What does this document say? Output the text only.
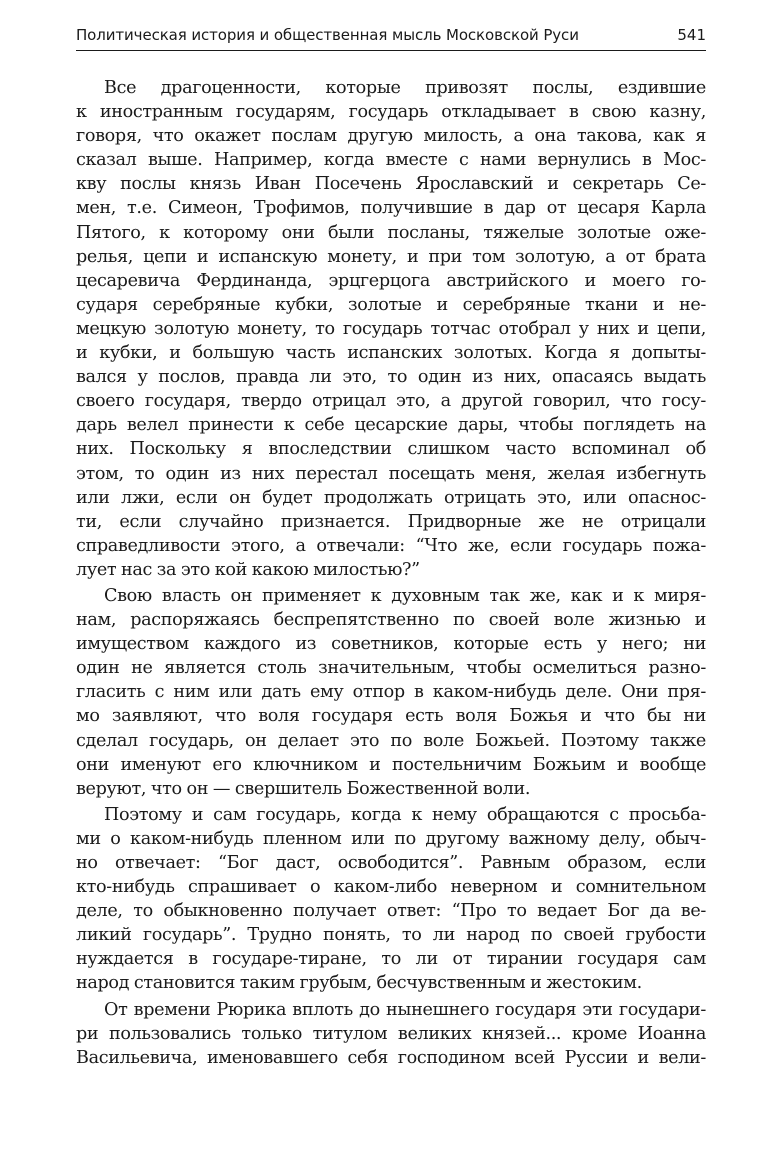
Политическая история и общественная мысль Московской Руси	541

Все драгоценности, которые привозят послы, ездившие
к иностранным государям, государь откладывает в свою казну,
говоря, что окажет послам другую милость, а она такова, как я
сказал выше. Например, когда вместе с нами вернулись в Мос-
кву послы князь Иван Посечень Ярославский и секретарь Се-
мен, т.е. Симеон, Трофимов, получившие в дар от цесаря Карла
Пятого, к которому они были посланы, тяжелые золотые оже-
релья, цепи и испанскую монету, и при том золотую, а от брата
цесаревича Фердинанда, эрцгерцога австрийского и моего го-
сударя серебряные кубки, золотые и серебряные ткани и не-
мецкую золотую монету, то государь тотчас отобрал у них и цепи,
и кубки, и большую часть испанских золотых. Когда я допыты-
вался у послов, правда ли это, то один из них, опасаясь выдать
своего государя, твердо отрицал это, а другой говорил, что госу-
дарь велел принести к себе цесарские дары, чтобы поглядеть на
них. Поскольку я впоследствии слишком часто вспоминал об
этом, то один из них перестал посещать меня, желая избегнуть
или лжи, если он будет продолжать отрицать это, или опаснос-
ти, если случайно признается. Придворные же не отрицали
справедливости этого, а отвечали: “Что же, если государь пожа-
лует нас за это кой какою милостью?”

Свою власть он применяет к духовным так же, как и к миря-
нам, распоряжаясь беспрепятственно по своей воле жизнью и
имуществом каждого из советников, которые есть у него; ни
один не является столь значительным, чтобы осмелиться разно-
гласить с ним или дать ему отпор в каком-нибудь деле. Они пря-
мо заявляют, что воля государя есть воля Божья и что бы ни
сделал государь, он делает это по воле Божьей. Поэтому также
они именуют его ключником и постельничим Божьим и вообще
веруют, что он — свершитель Божественной воли.

Поэтому и сам государь, когда к нему обращаются с просьба-
ми о каком-нибудь пленном или по другому важному делу, обыч-
но отвечает: “Бог даст, освободится”. Равным образом, если
кто-нибудь спрашивает о каком-либо неверном и сомнительном
деле, то обыкновенно получает ответ: “Про то ведает Бог да ве-
ликий государь”. Трудно понять, то ли народ по своей грубости
нуждается в государе-тиране, то ли от тирании государя сам
народ становится таким грубым, бесчувственным и жестоким.

От времени Рюрика вплоть до нынешнего государя эти государи-
ри пользовались только титулом великих князей... кроме Иоанна
Васильевича, именовавшего себя господином всей Руссии и вели-
